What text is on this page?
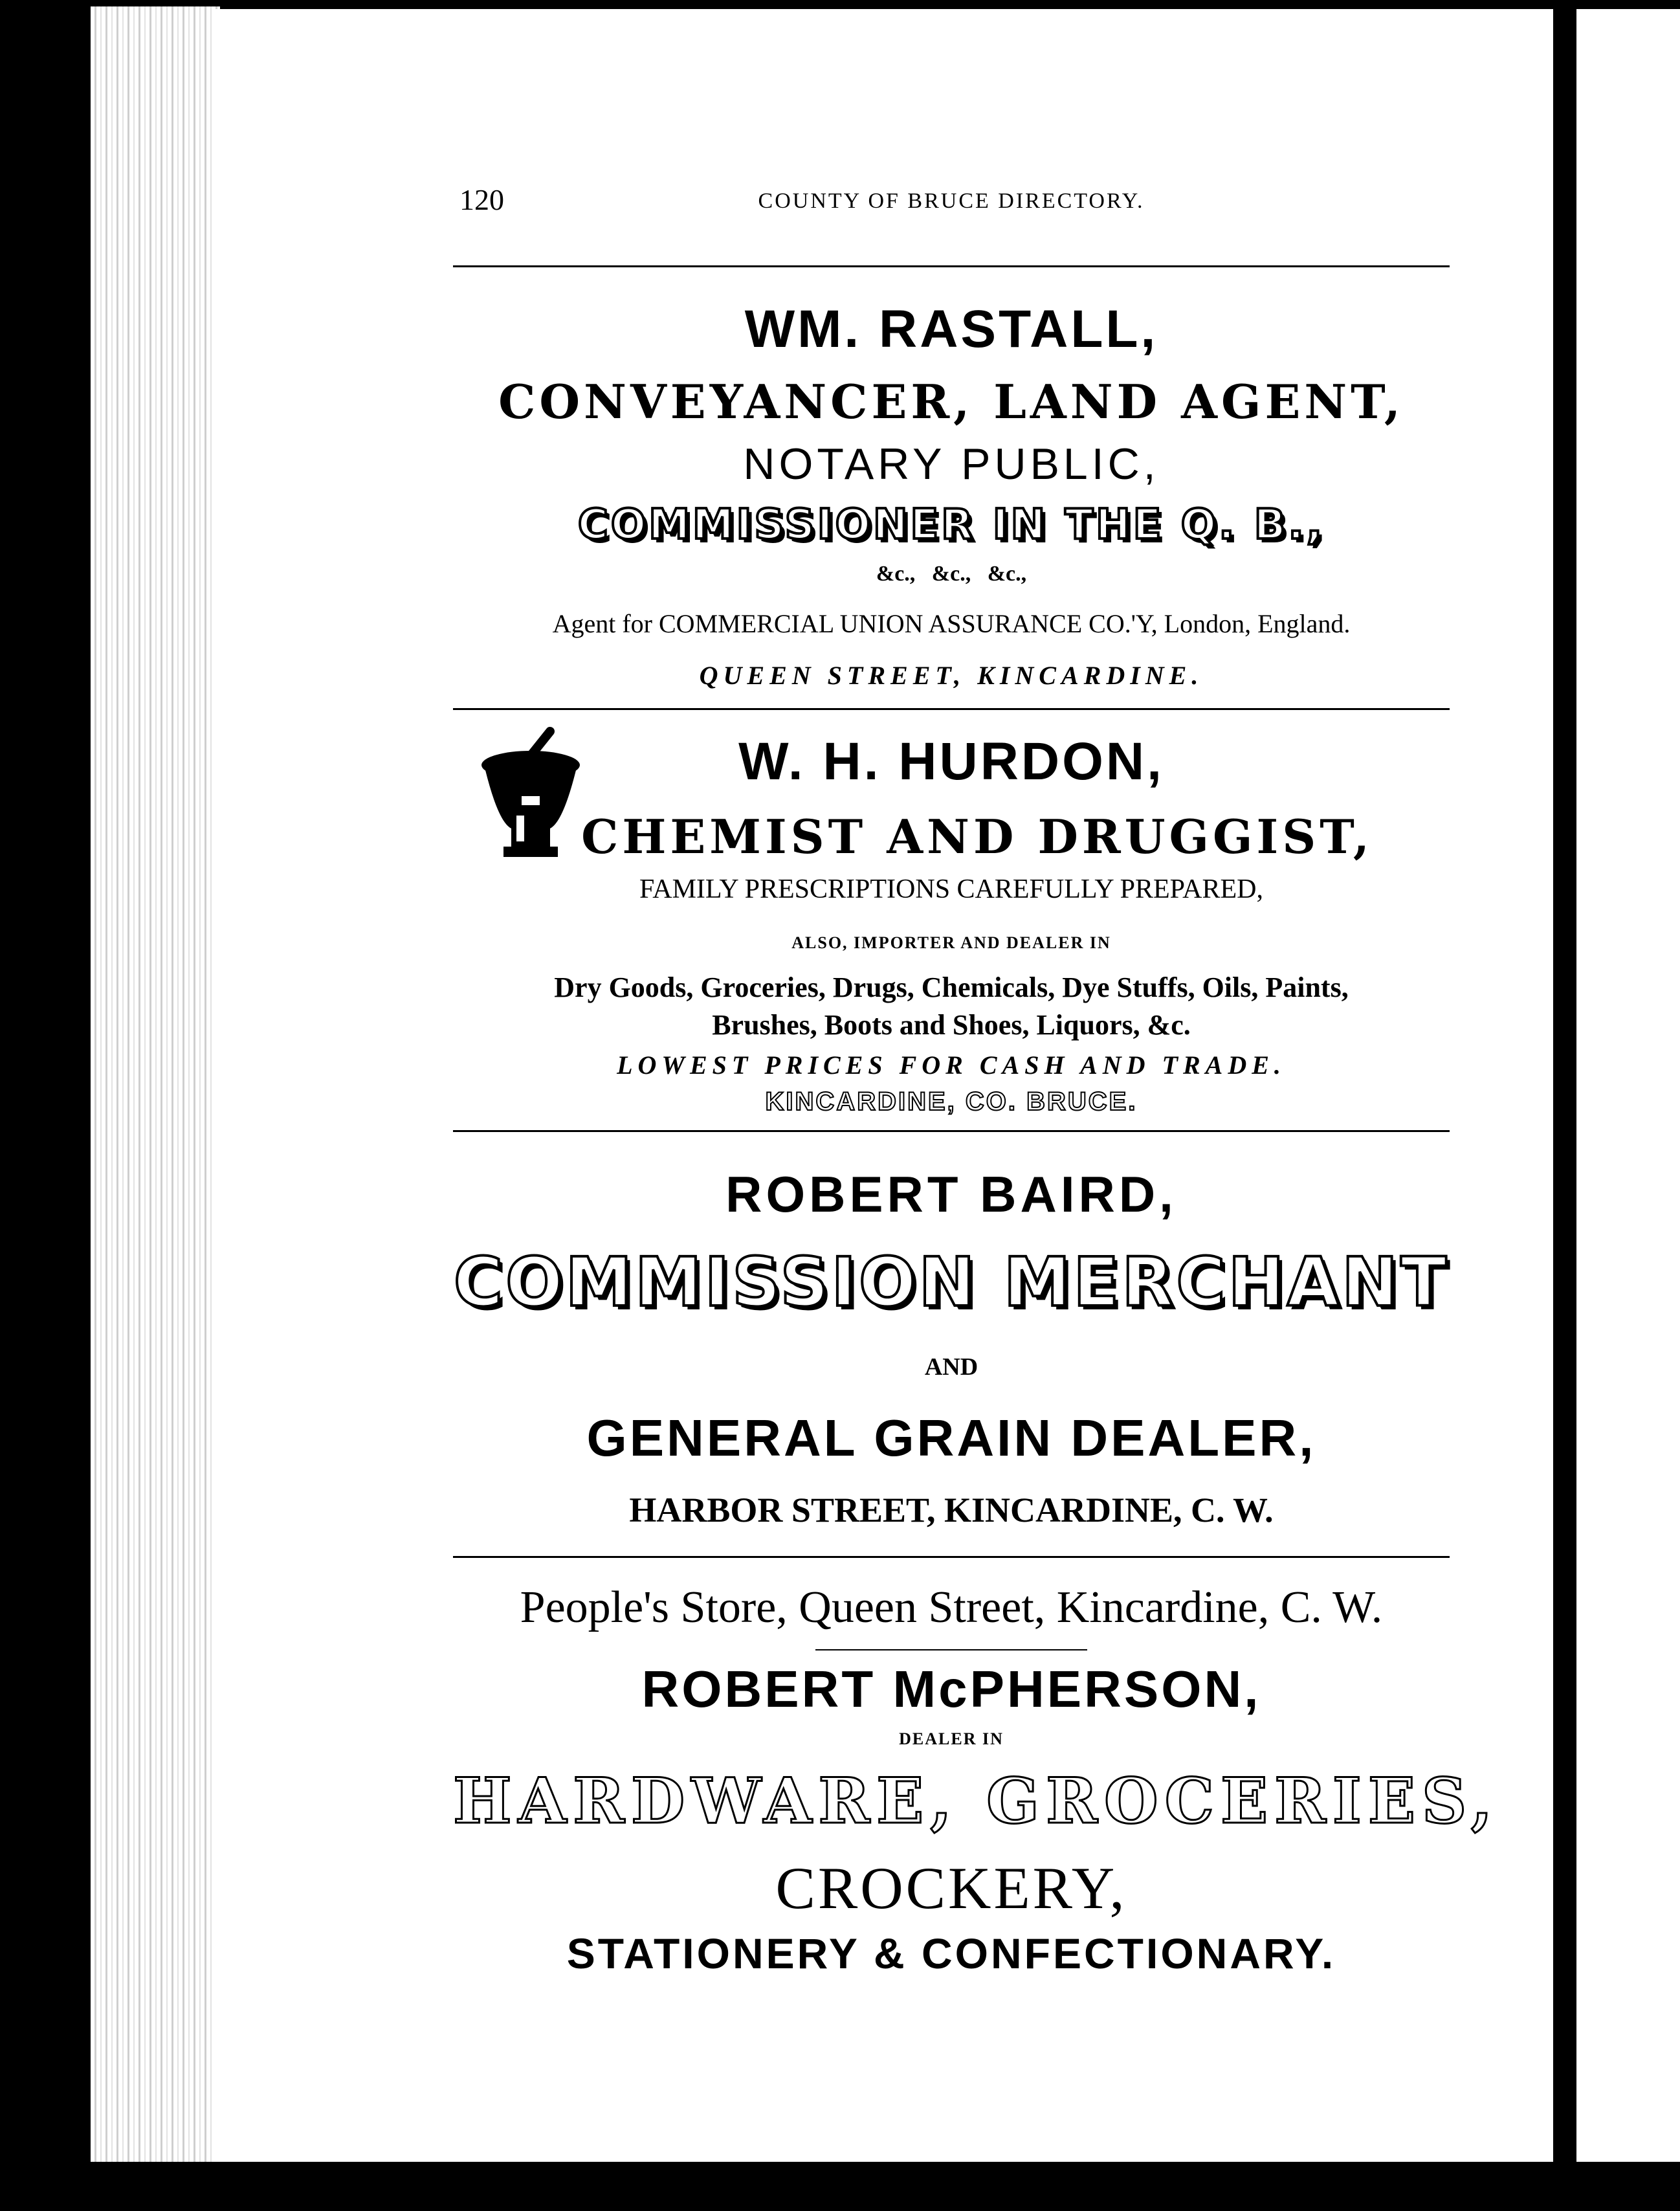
120	COUNTY OF BRUCE DIRECTORY.
WM. RASTALL,
CONVEYANCER, LAND AGENT,
NOTARY PUBLIC,
COMMISSIONER IN THE Q. B.,
&c.,   &c.,   &c.,
Agent for COMMERCIAL UNION ASSURANCE CO.'Y, London, England.
QUEEN STREET, KINCARDINE.
W. H. HURDON,
CHEMIST AND DRUGGIST,
FAMILY PRESCRIPTIONS CAREFULLY PREPARED,
ALSO, IMPORTER AND DEALER IN
Dry Goods, Groceries, Drugs, Chemicals, Dye Stuffs, Oils, Paints,
Brushes, Boots and Shoes, Liquors, &c.
LOWEST PRICES FOR CASH AND TRADE.
KINCARDINE, CO. BRUCE.
ROBERT BAIRD,
COMMISSION MERCHANT
AND
GENERAL GRAIN DEALER,
HARBOR STREET, KINCARDINE, C. W.
People's Store, Queen Street, Kincardine, C. W.
ROBERT McPHERSON,
DEALER IN
HARDWARE, GROCERIES,
CROCKERY,
STATIONERY & CONFECTIONARY.
